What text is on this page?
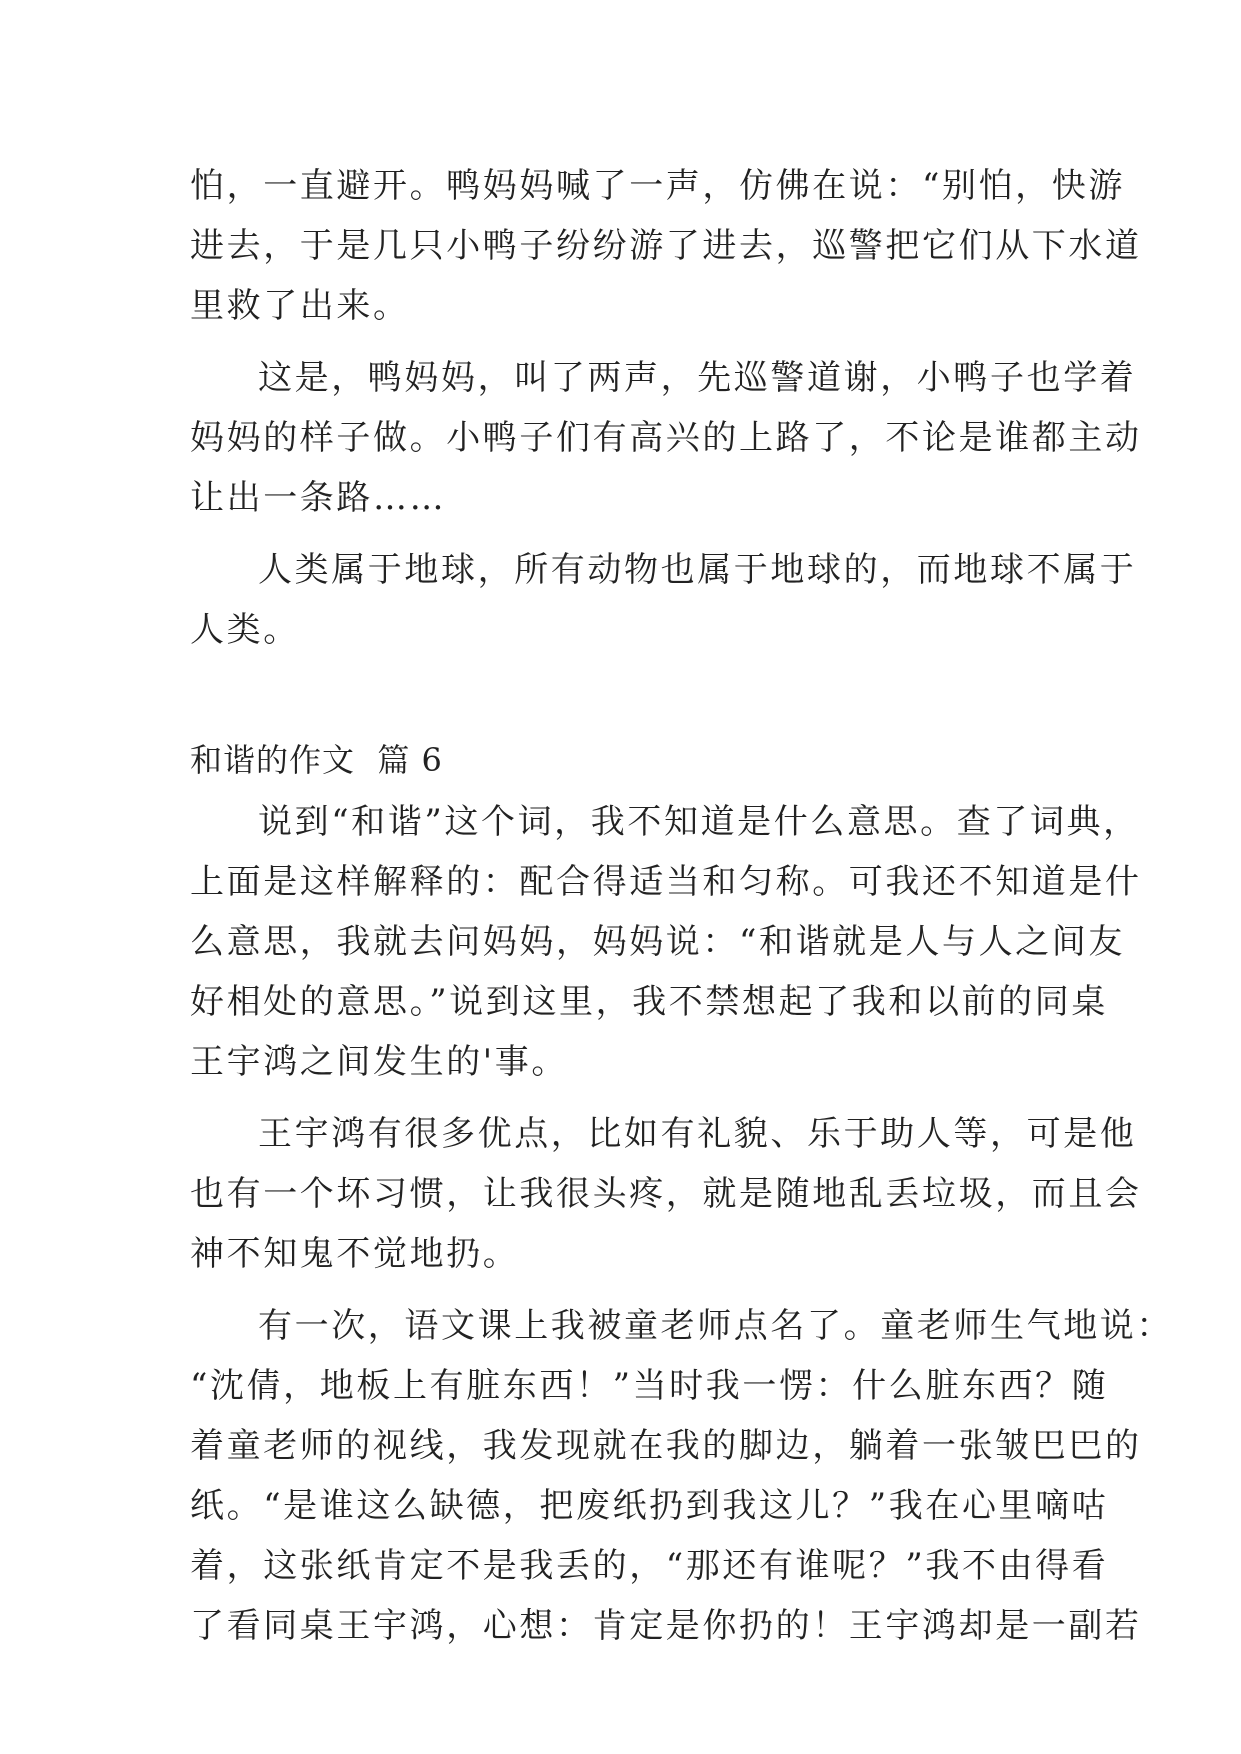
怕，一直避开。鸭妈妈喊了一声，仿佛在说：“别怕，快游
进去，于是几只小鸭子纷纷游了进去，巡警把它们从下水道
里救了出来。

这是，鸭妈妈，叫了两声，先巡警道谢，小鸭子也学着
妈妈的样子做。小鸭子们有高兴的上路了，不论是谁都主动
让出一条路……

人类属于地球，所有动物也属于地球的，而地球不属于
人类。

和谐的作文  篇 6

说到“和谐”这个词，我不知道是什么意思。查了词典，
上面是这样解释的：配合得适当和匀称。可我还不知道是什
么意思，我就去问妈妈，妈妈说：“和谐就是人与人之间友
好相处的意思。”说到这里，我不禁想起了我和以前的同桌
王宇鸿之间发生的'事。

王宇鸿有很多优点，比如有礼貌、乐于助人等，可是他
也有一个坏习惯，让我很头疼，就是随地乱丢垃圾，而且会
神不知鬼不觉地扔。

有一次，语文课上我被童老师点名了。童老师生气地说：
“沈倩，地板上有脏东西！”当时我一愣：什么脏东西？随
着童老师的视线，我发现就在我的脚边，躺着一张皱巴巴的
纸。“是谁这么缺德，把废纸扔到我这儿？”我在心里嘀咕
着，这张纸肯定不是我丢的，“那还有谁呢？”我不由得看
了看同桌王宇鸿，心想：肯定是你扔的！王宇鸿却是一副若
